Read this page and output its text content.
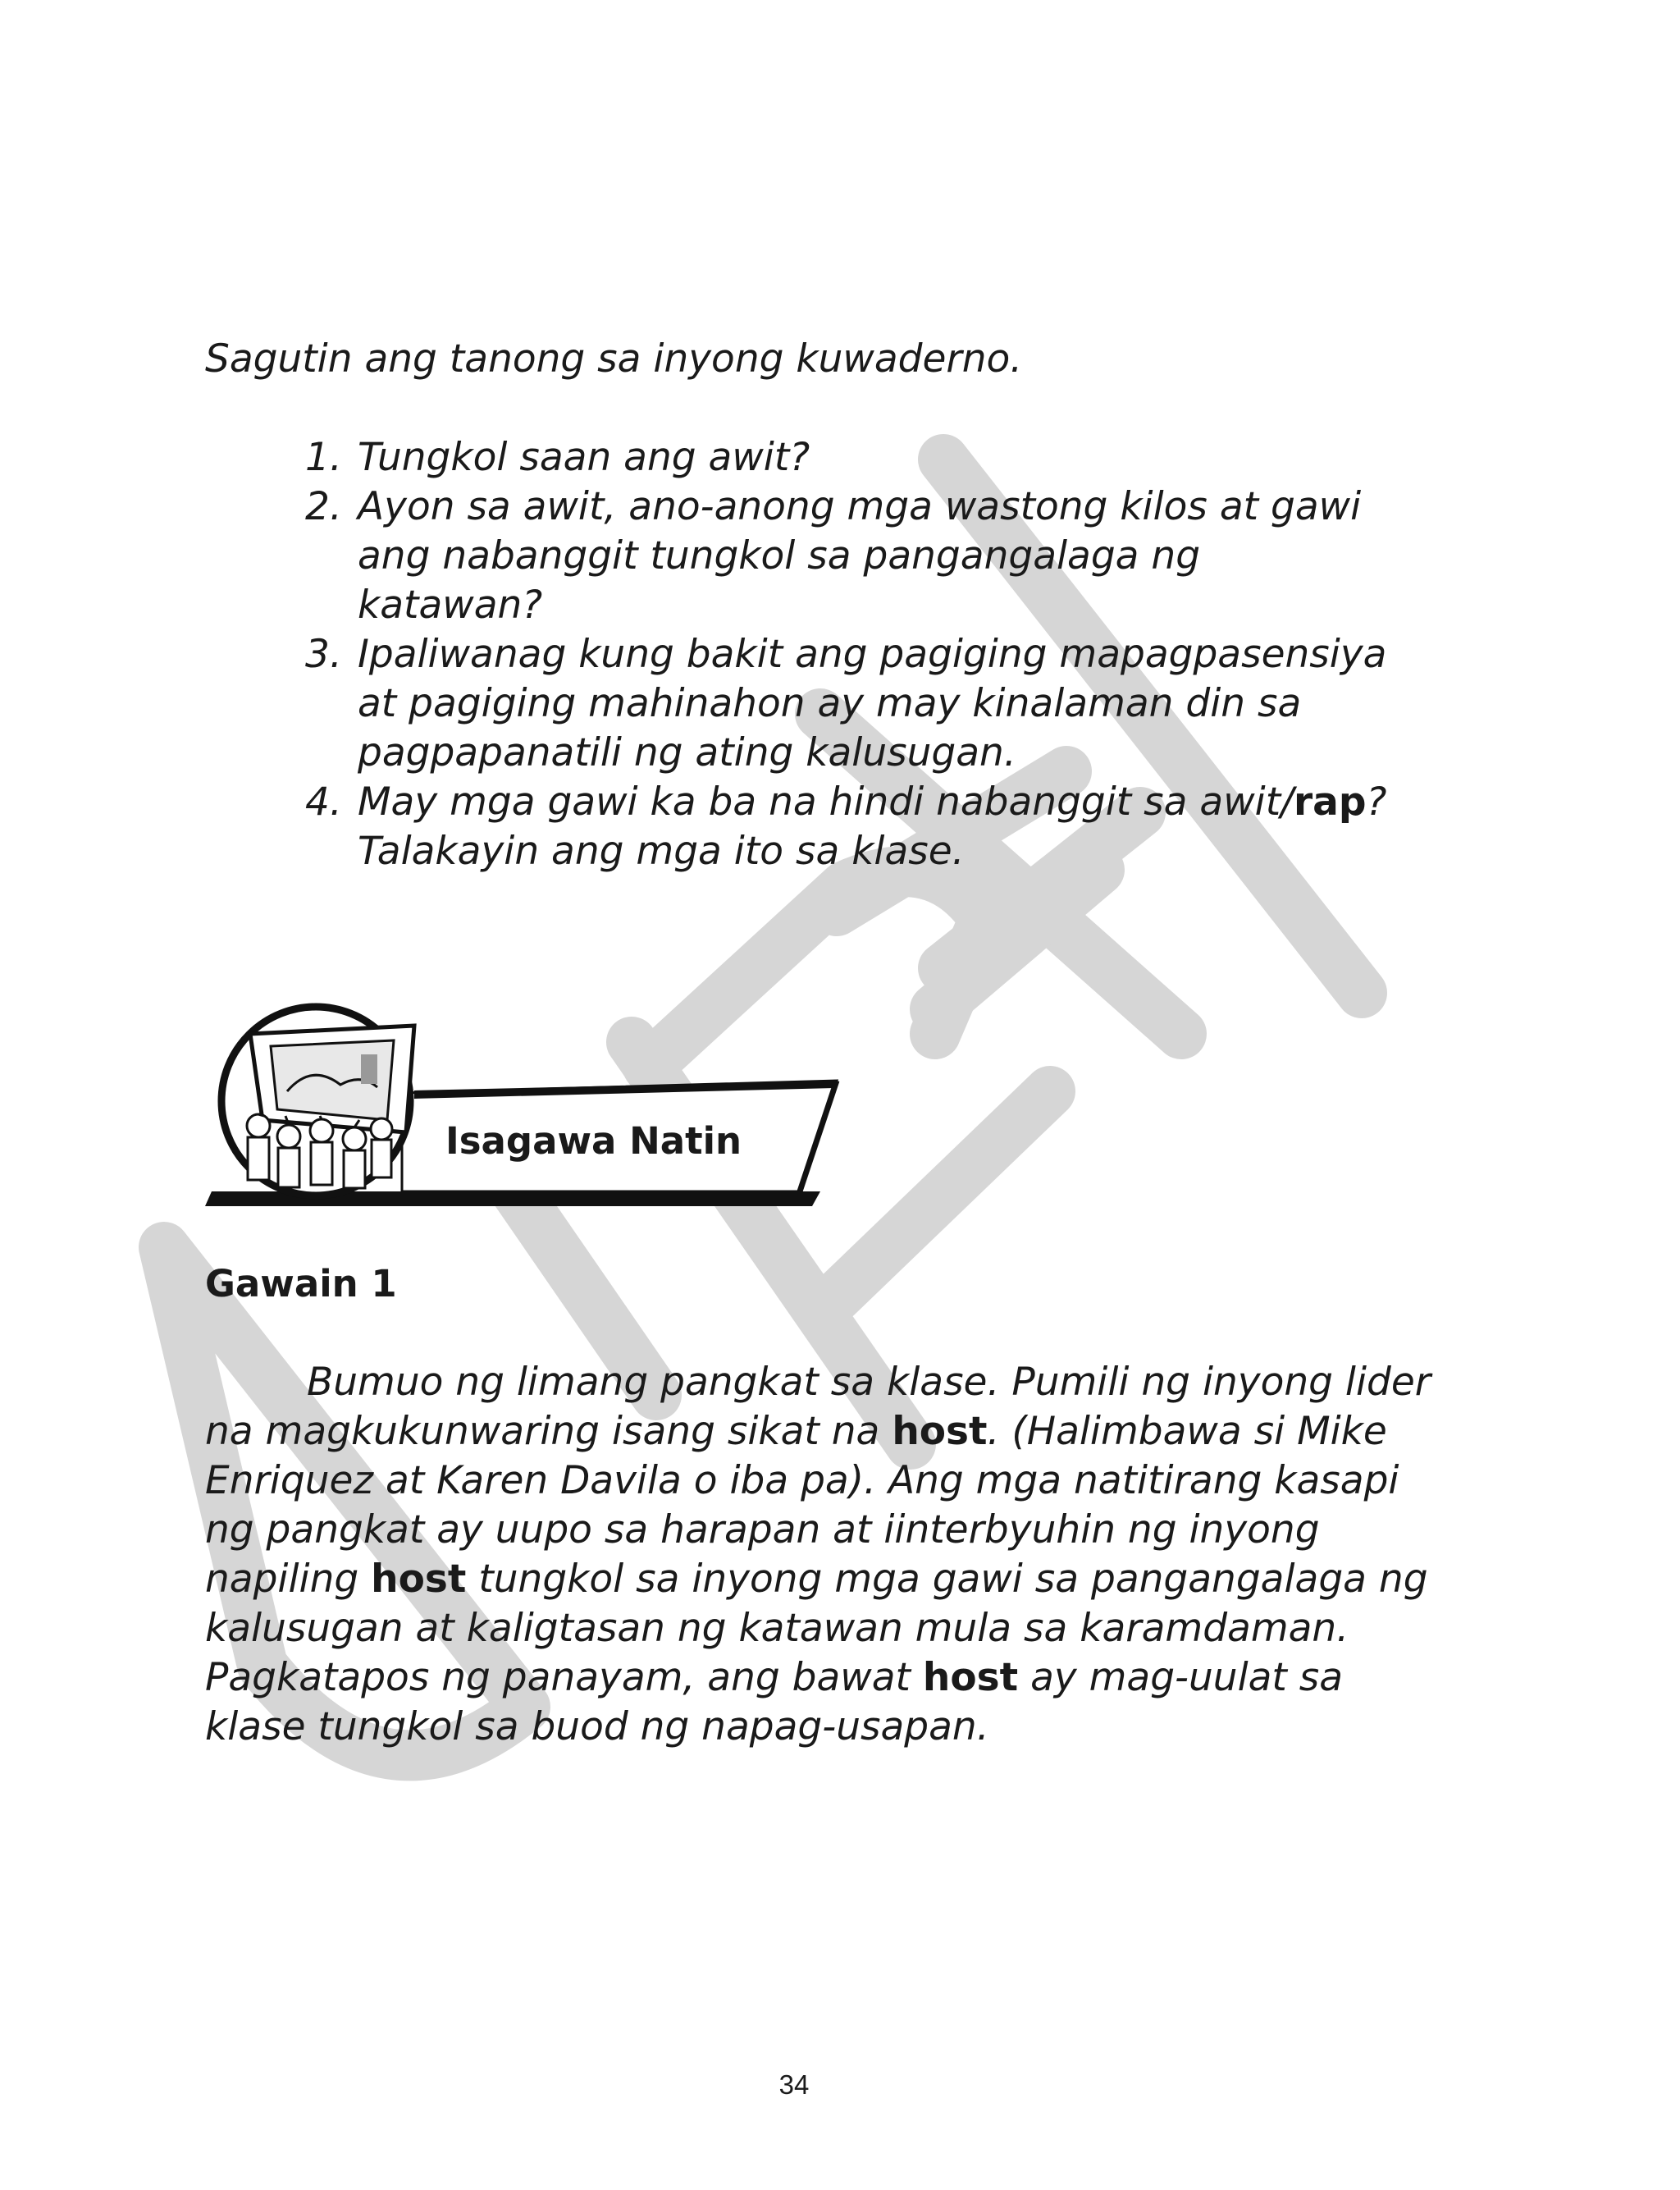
Sagutin ang tanong sa inyong kuwaderno.

1. Tungkol saan ang awit?
2. Ayon sa awit, ano-anong mga wastong kilos at gawi ang nabanggit tungkol sa pangangalaga ng katawan?
3. Ipaliwanag kung bakit ang pagiging mapagpasensiya at pagiging mahinahon ay may kinalaman din sa pagpapanatili ng ating kalusugan.
4. May mga gawi ka ba na hindi nabanggit sa awit/rap? Talakayin ang mga ito sa klase.
Isagawa Natin
Gawain 1

Bumuo ng limang pangkat sa klase. Pumili ng inyong lider na magkukunwaring isang sikat na host. (Halimbawa si Mike Enriquez at Karen Davila o iba pa). Ang mga natitirang kasapi ng pangkat ay uupo sa harapan at iinterbyuhin ng inyong napiling host tungkol sa inyong mga gawi sa pangangalaga ng kalusugan at kaligtasan ng katawan mula sa karamdaman. Pagkatapos ng panayam, ang bawat host ay mag-uulat sa klase tungkol sa buod ng napag-usapan.

34
